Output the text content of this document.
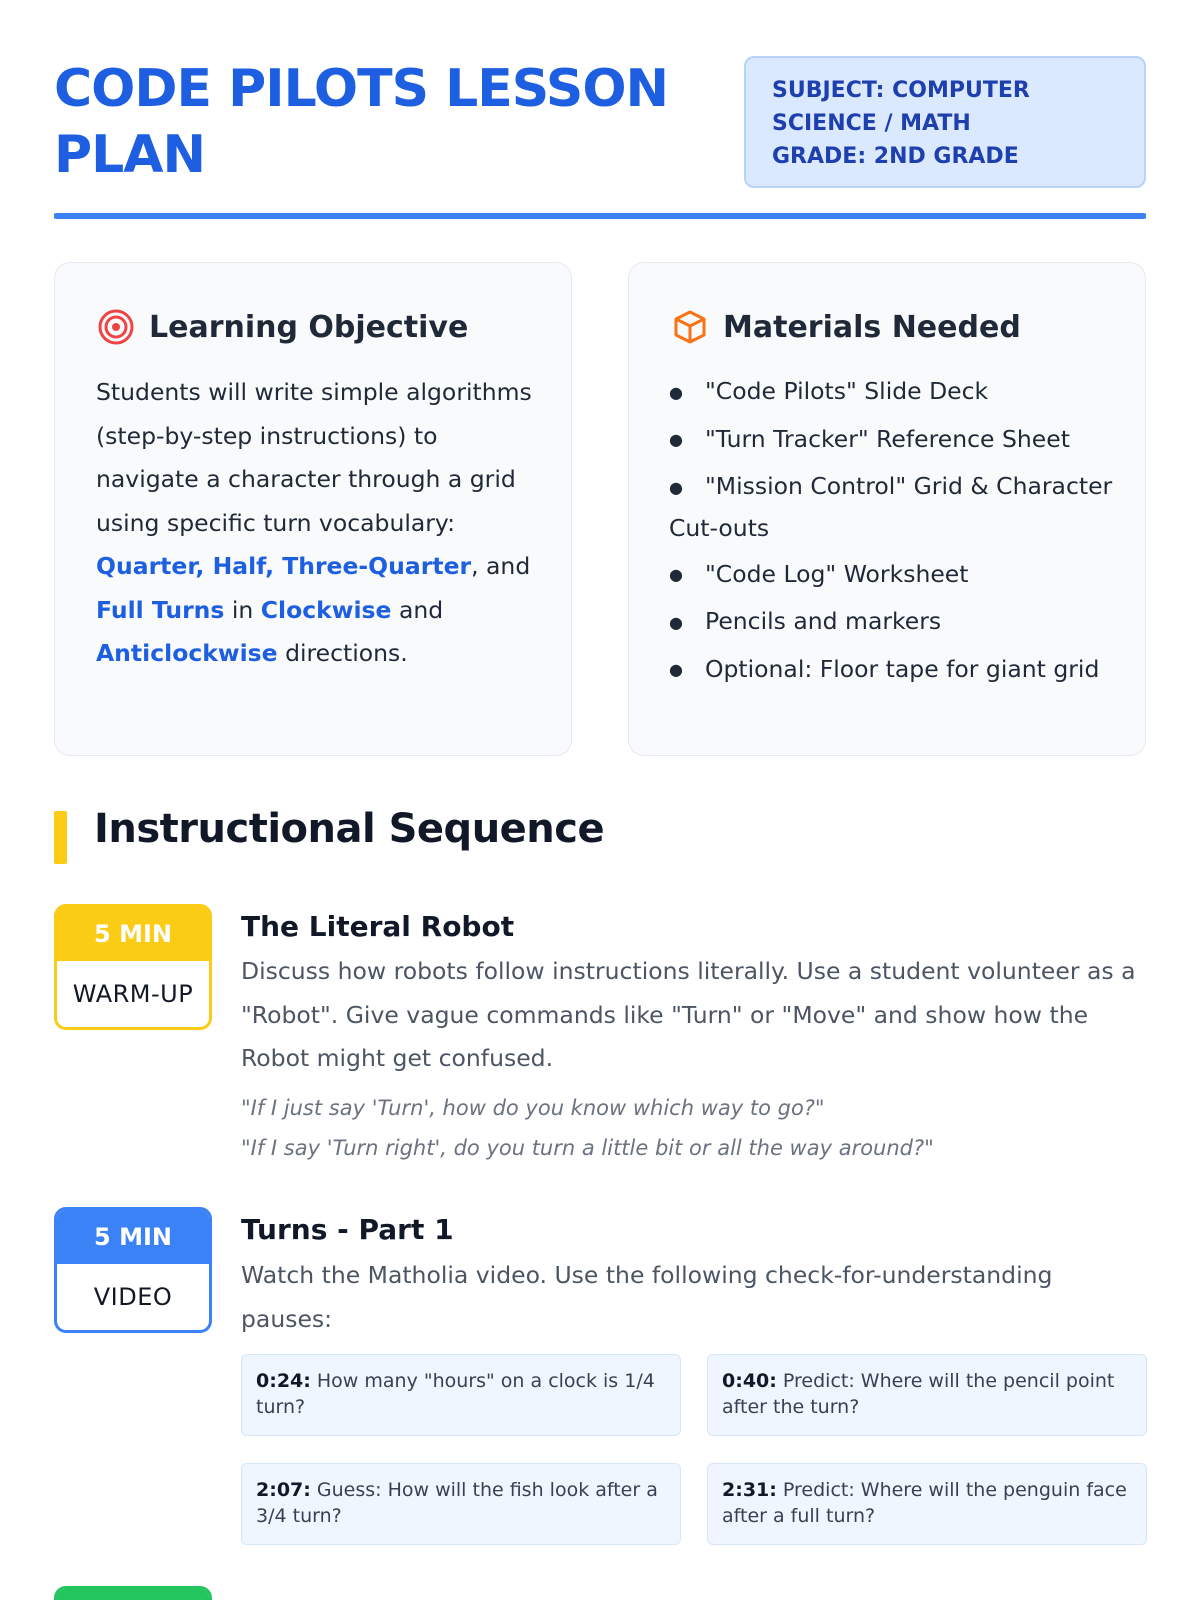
CODE PILOTS LESSON PLAN
SUBJECT: COMPUTER SCIENCE / MATH
GRADE: 2ND GRADE
Learning Objective

Students will write simple algorithms (step-by-step instructions) to navigate a character through a grid using specific turn vocabulary: Quarter, Half, Three-Quarter, and Full Turns in Clockwise and Anticlockwise directions.

Materials Needed
● "Code Pilots" Slide Deck
● "Turn Tracker" Reference Sheet
● "Mission Control" Grid & Character Cut-outs
● "Code Log" Worksheet
● Pencils and markers
● Optional: Floor tape for giant grid
Instructional Sequence
5 MIN
WARM-UP
The Literal Robot
Discuss how robots follow instructions literally. Use a student volunteer as a "Robot". Give vague commands like "Turn" or "Move" and show how the Robot might get confused.
"If I just say 'Turn', how do you know which way to go?"
"If I say 'Turn right', do you turn a little bit or all the way around?"
5 MIN
VIDEO
Turns - Part 1
Watch the Matholia video. Use the following check-for-understanding pauses:
0:24: How many "hours" on a clock is 1/4 turn?
0:40: Predict: Where will the pencil point after the turn?
2:07: Guess: How will the fish look after a 3/4 turn?
2:31: Predict: Where will the penguin face after a full turn?
